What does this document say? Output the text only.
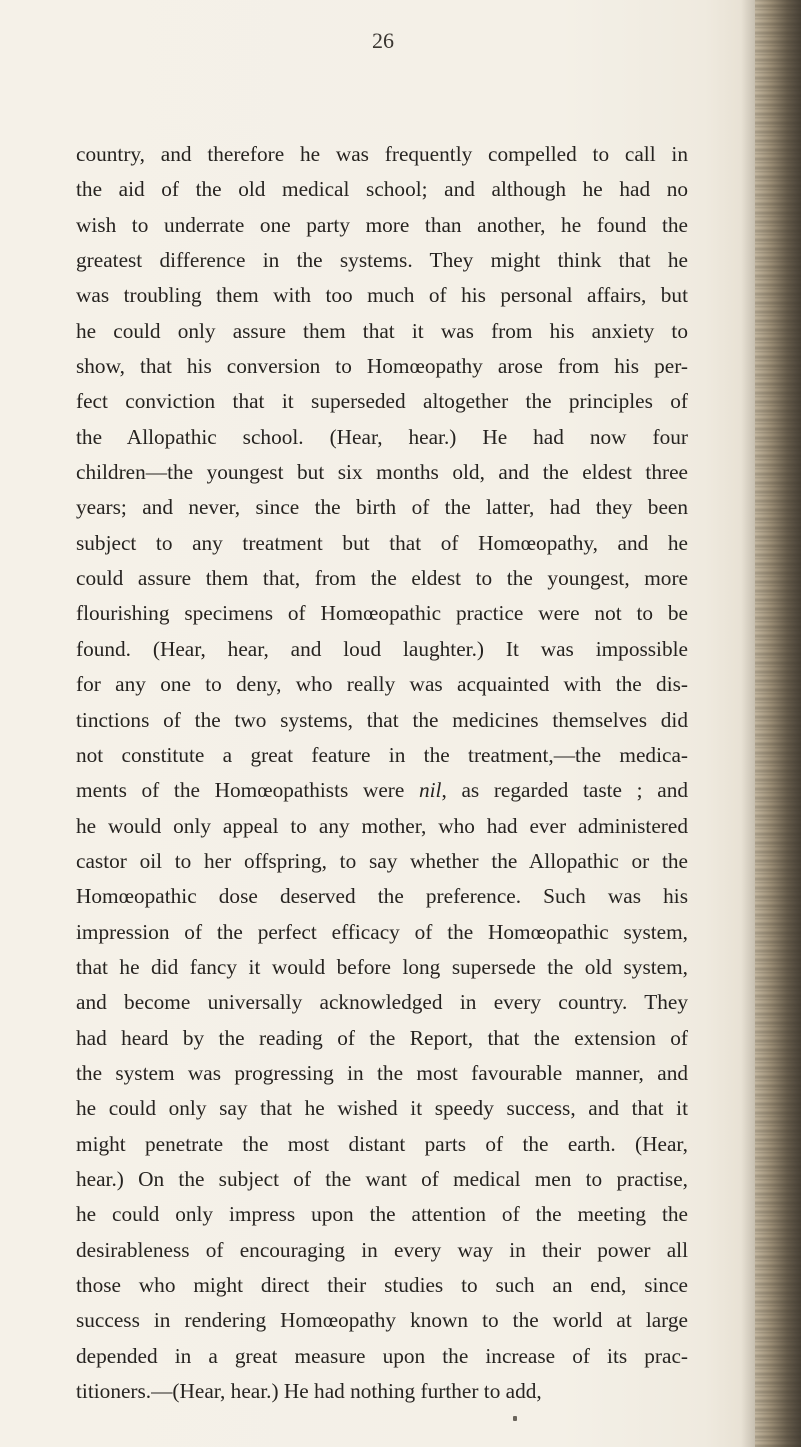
26
country, and therefore he was frequently compelled to call in
the aid of the old medical school; and although he had no
wish to underrate one party more than another, he found the
greatest difference in the systems. They might think that he
was troubling them with too much of his personal affairs, but
he could only assure them that it was from his anxiety to
show, that his conversion to Homœopathy arose from his per-
fect conviction that it superseded altogether the principles of
the Allopathic school. (Hear, hear.) He had now four
children—the youngest but six months old, and the eldest three
years; and never, since the birth of the latter, had they been
subject to any treatment but that of Homœopathy, and he
could assure them that, from the eldest to the youngest, more
flourishing specimens of Homœopathic practice were not to be
found. (Hear, hear, and loud laughter.) It was impossible
for any one to deny, who really was acquainted with the dis-
tinctions of the two systems, that the medicines themselves did
not constitute a great feature in the treatment,—the medica-
ments of the Homœopathists were nil, as regarded taste ; and
he would only appeal to any mother, who had ever administered
castor oil to her offspring, to say whether the Allopathic or the
Homœopathic dose deserved the preference. Such was his
impression of the perfect efficacy of the Homœopathic system,
that he did fancy it would before long supersede the old system,
and become universally acknowledged in every country. They
had heard by the reading of the Report, that the extension of
the system was progressing in the most favourable manner, and
he could only say that he wished it speedy success, and that it
might penetrate the most distant parts of the earth. (Hear,
hear.) On the subject of the want of medical men to practise,
he could only impress upon the attention of the meeting the
desirableness of encouraging in every way in their power all
those who might direct their studies to such an end, since
success in rendering Homœopathy known to the world at large
depended in a great measure upon the increase of its prac-
titioners.—(Hear, hear.) He had nothing further to add,
